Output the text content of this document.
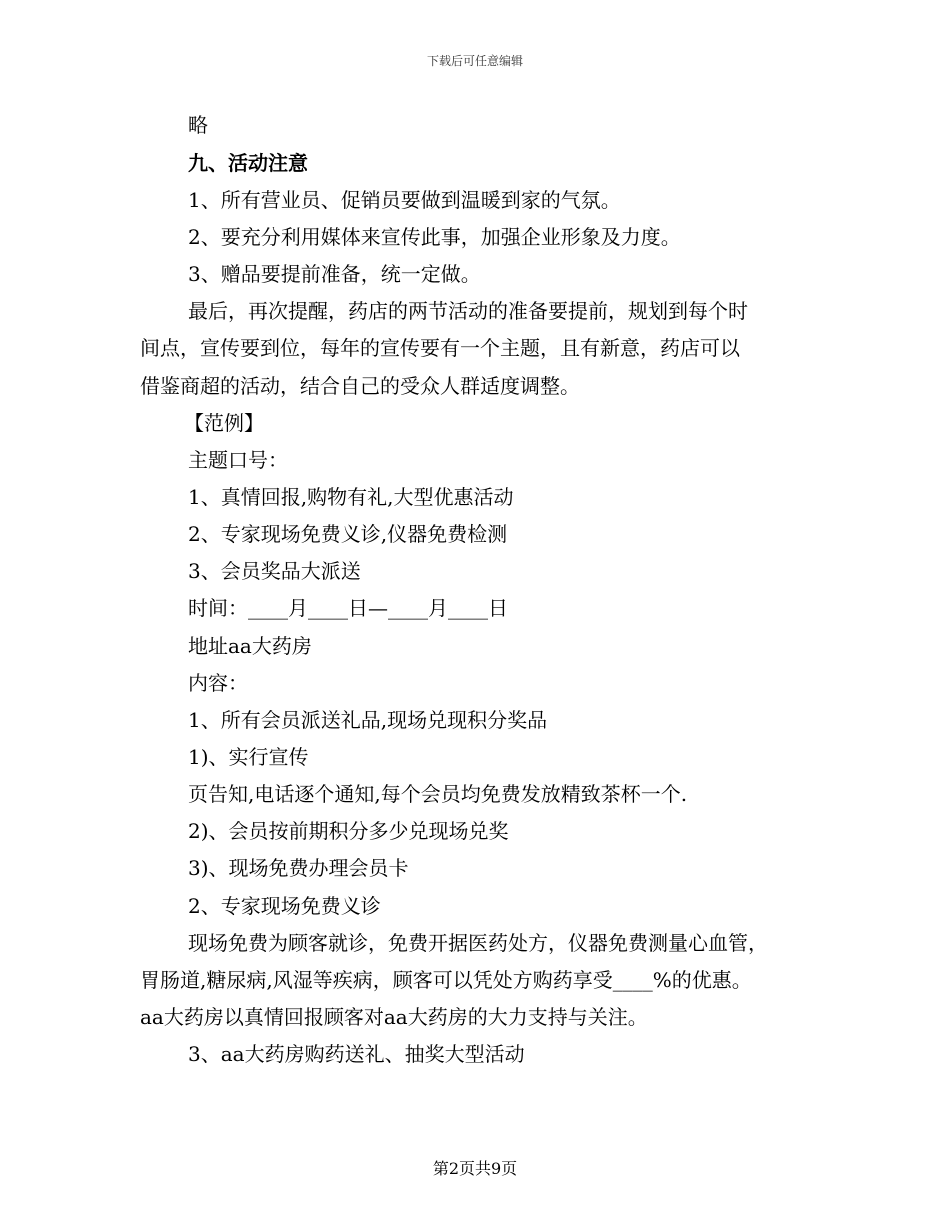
下载后可任意编辑
略
九、活动注意
1、所有营业员、促销员要做到温暖到家的气氛。
2、要充分利用媒体来宣传此事，加强企业形象及力度。
3、赠品要提前准备，统一定做。
最后，再次提醒，药店的两节活动的准备要提前，规划到每个时
间点，宣传要到位，每年的宣传要有一个主题，且有新意，药店可以
借鉴商超的活动，结合自己的受众人群适度调整。
【范例】
主题口号：
1、真情回报,购物有礼,大型优惠活动
2、专家现场免费义诊,仪器免费检测
3、会员奖品大派送
时间：____月____日—____月____日
地址aa大药房
内容：
1、所有会员派送礼品,现场兑现积分奖品
1)、实行宣传
页告知,电话逐个通知,每个会员均免费发放精致茶杯一个.
2)、会员按前期积分多少兑现场兑奖
3)、现场免费办理会员卡
2、专家现场免费义诊
现场免费为顾客就诊，免费开据医药处方，仪器免费测量心血管，
胃肠道,糖尿病,风湿等疾病，顾客可以凭处方购药享受____%的优惠。
aa大药房以真情回报顾客对aa大药房的大力支持与关注。
3、aa大药房购药送礼、抽奖大型活动
第2页共9页
